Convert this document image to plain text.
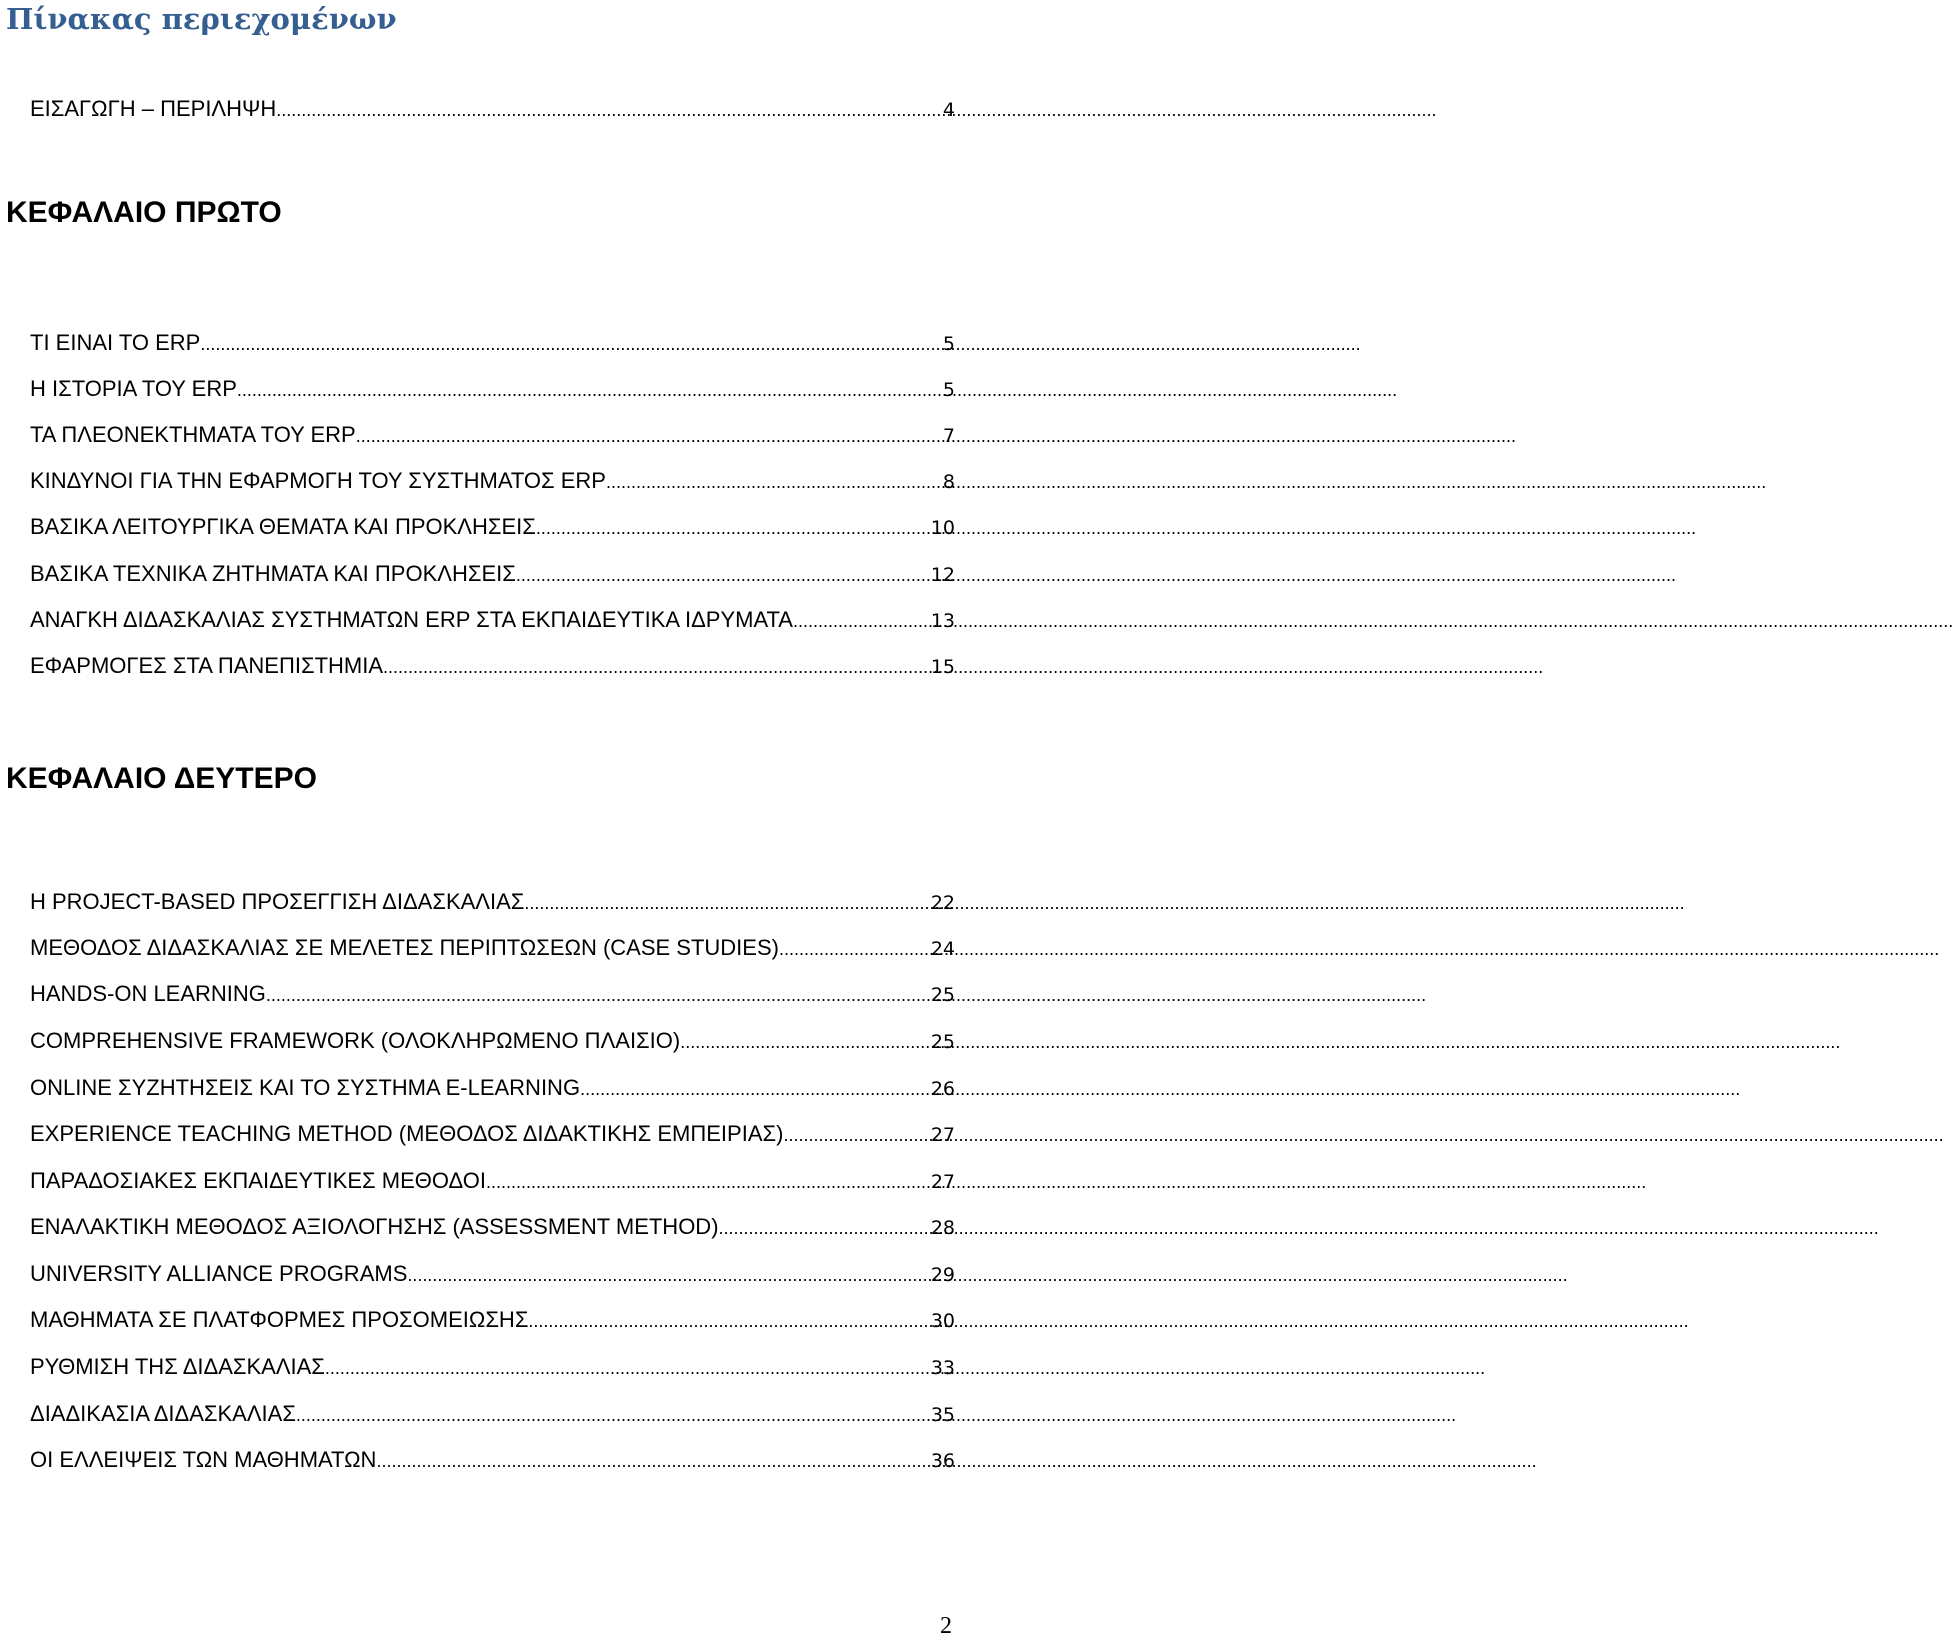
Πίνακας περιεχομένων
ΕΙΣΑΓΩΓΗ – ΠΕΡΙΛΗΨΗ .....	4
ΚΕΦΑΛΑΙΟ ΠΡΩΤΟ
ΤΙ ΕΙΝΑΙ ΤΟ ERP .....	5
Η ΙΣΤΟΡΙΑ ΤΟΥ ERP .....	5
ΤΑ ΠΛΕΟΝΕΚΤΗΜΑΤΑ ΤΟΥ ERP .....	7
ΚΙΝΔΥΝΟΙ ΓΙΑ ΤΗΝ ΕΦΑΡΜΟΓΗ ΤΟΥ ΣΥΣΤΗΜΑΤΟΣ ERP .....	8
ΒΑΣΙΚΑ ΛΕΙΤΟΥΡΓΙΚΑ ΘΕΜΑΤΑ ΚΑΙ ΠΡΟΚΛΗΣΕΙΣ .....	10
ΒΑΣΙΚΑ ΤΕΧΝΙΚΑ ΖΗΤΗΜΑΤΑ ΚΑΙ ΠΡΟΚΛΗΣΕΙΣ .....	12
ΑΝΑΓΚΗ ΔΙΔΑΣΚΑΛΙΑΣ ΣΥΣΤΗΜΑΤΩΝ ERP ΣΤΑ ΕΚΠΑΙΔΕΥΤΙΚΑ ΙΔΡΥΜΑΤΑ .....	13
ΕΦΑΡΜΟΓΕΣ ΣΤΑ ΠΑΝΕΠΙΣΤΗΜΙΑ .....	15
ΚΕΦΑΛΑΙΟ ΔΕΥΤΕΡΟ
Η PROJECT-BASED ΠΡΟΣΕΓΓΙΣΗ ΔΙΔΑΣΚΑΛΙΑΣ .....	22
ΜΕΘΟΔΟΣ ΔΙΔΑΣΚΑΛΙΑΣ ΣΕ ΜΕΛΕΤΕΣ ΠΕΡΙΠΤΩΣΕΩΝ (CASE STUDIES) .....	24
HANDS-ON LEARNING .....	25
COMPREHENSIVE FRAMEWORK (ΟΛΟΚΛΗΡΩΜΕΝΟ ΠΛΑΙΣΙΟ) .....	25
ONLINE ΣΥΖΗΤΗΣΕΙΣ ΚΑΙ ΤΟ ΣΥΣΤΗΜΑ E-LEARNING .....	26
EXPERIENCE TEACHING METHOD (ΜΕΘΟΔΟΣ ΔΙΔΑΚΤΙΚΗΣ ΕΜΠΕΙΡΙΑΣ) .....	27
ΠΑΡΑΔΟΣΙΑΚΕΣ ΕΚΠΑΙΔΕΥΤΙΚΕΣ ΜΕΘΟΔΟΙ .....	27
ΕΝΑΛΑΚΤΙΚΗ ΜΕΘΟΔΟΣ ΑΞΙΟΛΟΓΗΣΗΣ (ASSESSMENT METHOD) .....	28
UNIVERSITY ALLIANCE PROGRAMS .....	29
ΜΑΘΗΜΑΤΑ ΣΕ ΠΛΑΤΦΟΡΜΕΣ ΠΡΟΣΟΜΕΙΩΣΗΣ .....	30
ΡΥΘΜΙΣΗ ΤΗΣ ΔΙΔΑΣΚΑΛΙΑΣ .....	33
ΔΙΑΔΙΚΑΣΙΑ ΔΙΔΑΣΚΑΛΙΑΣ .....	35
ΟΙ ΕΛΛΕΙΨΕΙΣ ΤΩΝ ΜΑΘΗΜΑΤΩΝ .....	36
2
